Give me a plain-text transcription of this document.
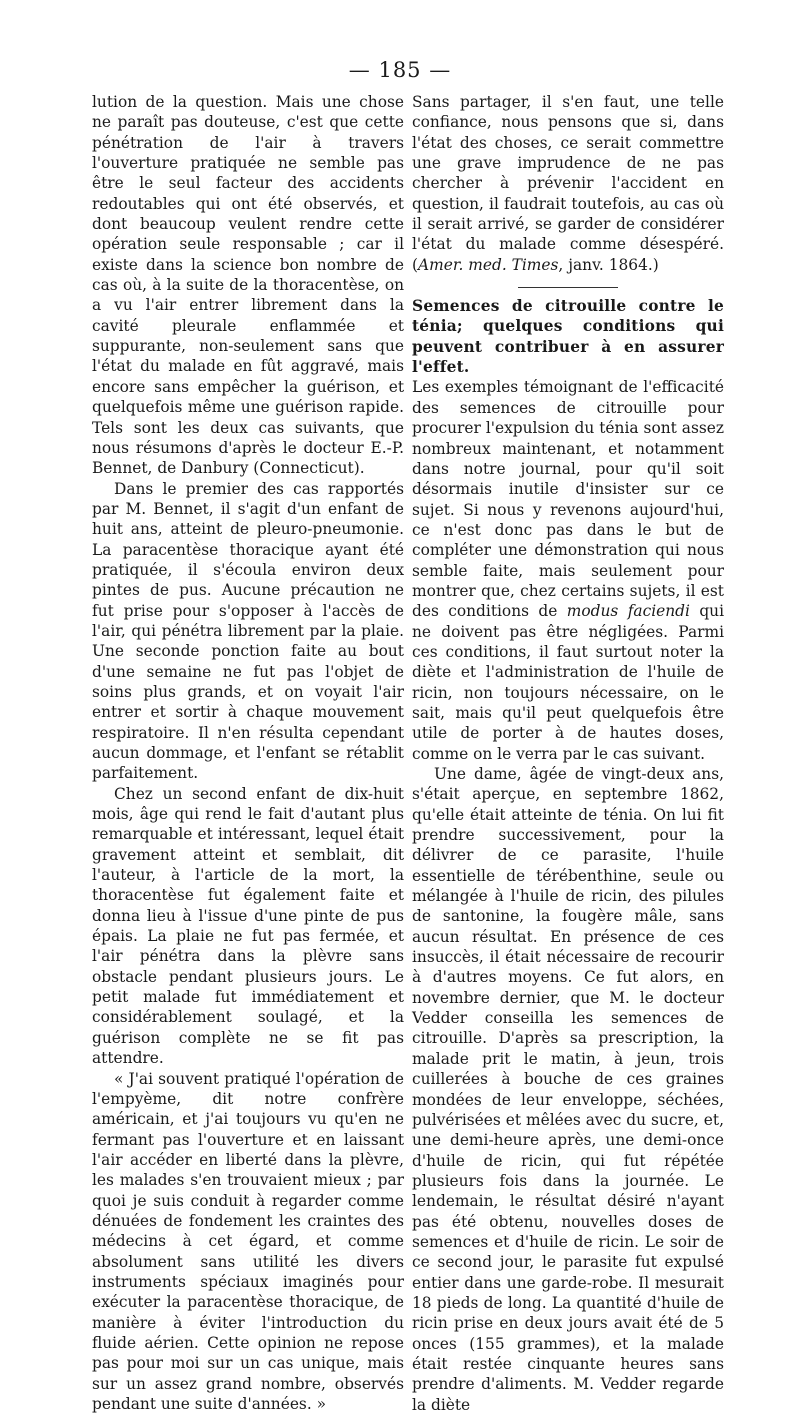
— 185 —

lution de la question. Mais une chose ne paraît pas douteuse, c'est que cette pénétration de l'air à travers l'ouverture pratiquée ne semble pas être le seul facteur des accidents redoutables qui ont été observés, et dont beaucoup veulent rendre cette opération seule responsable ; car il existe dans la science bon nombre de cas où, à la suite de la thoracentèse, on a vu l'air entrer librement dans la cavité pleurale enflammée et suppurante, non-seulement sans que l'état du malade en fût aggravé, mais encore sans empêcher la guérison, et quelquefois même une guérison rapide. Tels sont les deux cas suivants, que nous résumons d'après le docteur E.-P. Bennet, de Danbury (Connecticut).

Dans le premier des cas rapportés par M. Bennet, il s'agit d'un enfant de huit ans, atteint de pleuro-pneumonie. La paracentèse thoracique ayant été pratiquée, il s'écoula environ deux pintes de pus. Aucune précaution ne fut prise pour s'opposer à l'accès de l'air, qui pénétra librement par la plaie. Une seconde ponction faite au bout d'une semaine ne fut pas l'objet de soins plus grands, et on voyait l'air entrer et sortir à chaque mouvement respiratoire. Il n'en résulta cependant aucun dommage, et l'enfant se rétablit parfaitement.

Chez un second enfant de dix-huit mois, âge qui rend le fait d'autant plus remarquable et intéressant, lequel était gravement atteint et semblait, dit l'auteur, à l'article de la mort, la thoracentèse fut également faite et donna lieu à l'issue d'une pinte de pus épais. La plaie ne fut pas fermée, et l'air pénétra dans la plèvre sans obstacle pendant plusieurs jours. Le petit malade fut immédiatement et considérablement soulagé, et la guérison complète ne se fit pas attendre.

« J'ai souvent pratiqué l'opération de l'empyème, dit notre confrère américain, et j'ai toujours vu qu'en ne fermant pas l'ouverture et en laissant l'air accéder en liberté dans la plèvre, les malades s'en trouvaient mieux ; par quoi je suis conduit à regarder comme dénuées de fondement les craintes des médecins à cet égard, et comme absolument sans utilité les divers instruments spéciaux imaginés pour exécuter la paracentèse thoracique, de manière à éviter l'introduction du fluide aérien. Cette opinion ne repose pas pour moi sur un cas unique, mais sur un assez grand nombre, observés pendant une suite d'années. »

Sans partager, il s'en faut, une telle confiance, nous pensons que si, dans l'état des choses, ce serait commettre une grave imprudence de ne pas chercher à prévenir l'accident en question, il faudrait toutefois, au cas où il serait arrivé, se garder de considérer l'état du malade comme désespéré. (Amer. med. Times, janv. 1864.)

Semences de citrouille contre le ténia; quelques conditions qui peuvent contribuer à en assurer l'effet.

Les exemples témoignant de l'efficacité des semences de citrouille pour procurer l'expulsion du ténia sont assez nombreux maintenant, et notamment dans notre journal, pour qu'il soit désormais inutile d'insister sur ce sujet. Si nous y revenons aujourd'hui, ce n'est donc pas dans le but de compléter une démonstration qui nous semble faite, mais seulement pour montrer que, chez certains sujets, il est des conditions de modus faciendi qui ne doivent pas être négligées. Parmi ces conditions, il faut surtout noter la diète et l'administration de l'huile de ricin, non toujours nécessaire, on le sait, mais qu'il peut quelquefois être utile de porter à de hautes doses, comme on le verra par le cas suivant.

Une dame, âgée de vingt-deux ans, s'était aperçue, en septembre 1862, qu'elle était atteinte de ténia. On lui fit prendre successivement, pour la délivrer de ce parasite, l'huile essentielle de térébenthine, seule ou mélangée à l'huile de ricin, des pilules de santonine, la fougère mâle, sans aucun résultat. En présence de ces insuccès, il était nécessaire de recourir à d'autres moyens. Ce fut alors, en novembre dernier, que M. le docteur Vedder conseilla les semences de citrouille. D'après sa prescription, la malade prit le matin, à jeun, trois cuillerées à bouche de ces graines mondées de leur enveloppe, séchées, pulvérisées et mêlées avec du sucre, et, une demi-heure après, une demi-once d'huile de ricin, qui fut répétée plusieurs fois dans la journée. Le lendemain, le résultat désiré n'ayant pas été obtenu, nouvelles doses de semences et d'huile de ricin. Le soir de ce second jour, le parasite fut expulsé entier dans une garde-robe. Il mesurait 18 pieds de long. La quantité d'huile de ricin prise en deux jours avait été de 5 onces (155 grammes), et la malade était restée cinquante heures sans prendre d'aliments. M. Vedder regarde la diète
